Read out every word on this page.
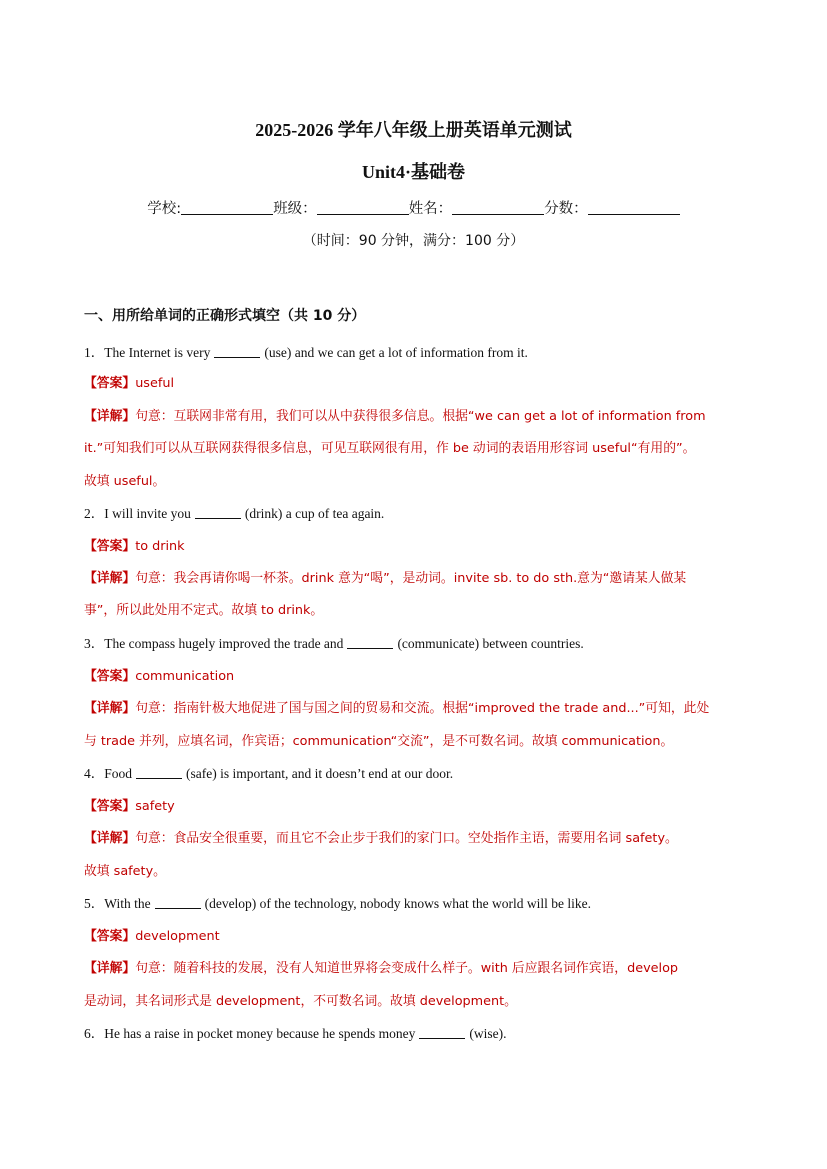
2025-2026 学年八年级上册英语单元测试
Unit4·基础卷
学校:	班级：	姓名：	分数：
（时间：90 分钟，满分：100 分）
一、用所给单词的正确形式填空（共 10 分）
1．The Internet is very	(use) and we can get a lot of information from it.
【答案】useful
【详解】句意：互联网非常有用，我们可以从中获得很多信息。根据“we can get a lot of information from
it.”可知我们可以从互联网获得很多信息，可见互联网很有用，作 be 动词的表语用形容词 useful“有用的”。
故填 useful。
2．I will invite you	(drink) a cup of tea again.
【答案】to drink
【详解】句意：我会再请你喝一杯茶。drink 意为“喝”，是动词。invite sb. to do sth.意为“邀请某人做某
事”，所以此处用不定式。故填 to drink。
3．The compass hugely improved the trade and	(communicate) between countries.
【答案】communication
【详解】句意：指南针极大地促进了国与国之间的贸易和交流。根据“improved the trade and...”可知，此处
与 trade 并列，应填名词，作宾语；communication“交流”，是不可数名词。故填 communication。
4．Food	(safe) is important, and it doesn’t end at our door.
【答案】safety
【详解】句意：食品安全很重要，而且它不会止步于我们的家门口。空处指作主语，需要用名词 safety。
故填 safety。
5．With the	(develop) of the technology, nobody knows what the world will be like.
【答案】development
【详解】句意：随着科技的发展，没有人知道世界将会变成什么样子。with 后应跟名词作宾语，develop
是动词，其名词形式是 development，不可数名词。故填 development。
6．He has a raise in pocket money because he spends money	(wise).
